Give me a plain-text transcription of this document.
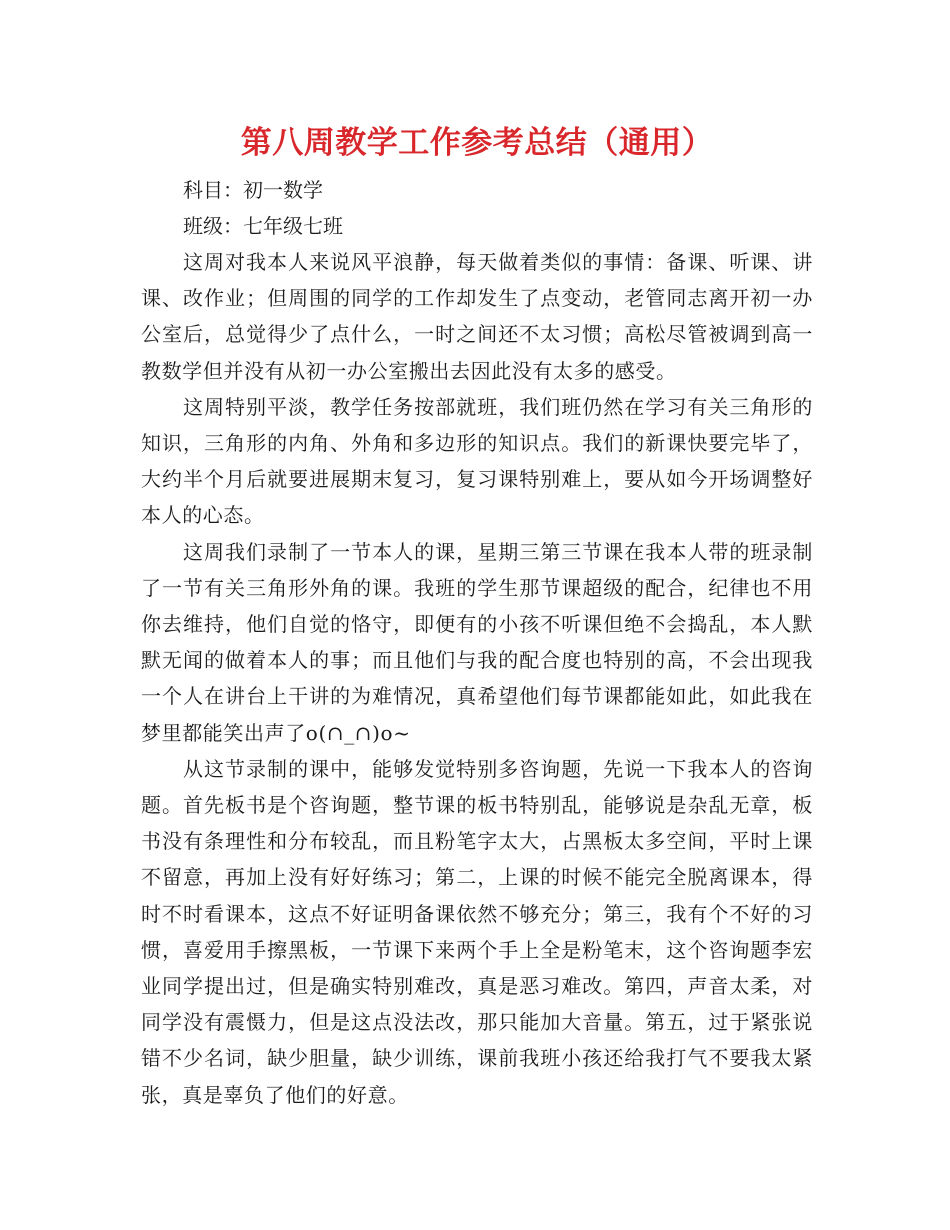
第八周教学工作参考总结（通用）

科目：初一数学

班级：七年级七班

这周对我本人来说风平浪静，每天做着类似的事情：备课、听课、讲课、改作业；但周围的同学的工作却发生了点变动，老管同志离开初一办公室后，总觉得少了点什么，一时之间还不太习惯；高松尽管被调到高一教数学但并没有从初一办公室搬出去因此没有太多的感受。

这周特别平淡，教学任务按部就班，我们班仍然在学习有关三角形的知识，三角形的内角、外角和多边形的知识点。我们的新课快要完毕了，大约半个月后就要进展期末复习，复习课特别难上，要从如今开场调整好本人的心态。

这周我们录制了一节本人的课，星期三第三节课在我本人带的班录制了一节有关三角形外角的课。我班的学生那节课超级的配合，纪律也不用你去维持，他们自觉的恪守，即便有的小孩不听课但绝不会捣乱，本人默默无闻的做着本人的事；而且他们与我的配合度也特别的高，不会出现我一个人在讲台上干讲的为难情况，真希望他们每节课都能如此，如此我在梦里都能笑出声了o(∩_∩)o~

从这节录制的课中，能够发觉特别多咨询题，先说一下我本人的咨询题。首先板书是个咨询题，整节课的板书特别乱，能够说是杂乱无章，板书没有条理性和分布较乱，而且粉笔字太大，占黑板太多空间，平时上课不留意，再加上没有好好练习；第二，上课的时候不能完全脱离课本，得时不时看课本，这点不好证明备课依然不够充分；第三，我有个不好的习惯，喜爱用手擦黑板，一节课下来两个手上全是粉笔末，这个咨询题李宏业同学提出过，但是确实特别难改，真是恶习难改。第四，声音太柔，对同学没有震慑力，但是这点没法改，那只能加大音量。第五，过于紧张说错不少名词，缺少胆量，缺少训练，课前我班小孩还给我打气不要我太紧张，真是辜负了他们的好意。
